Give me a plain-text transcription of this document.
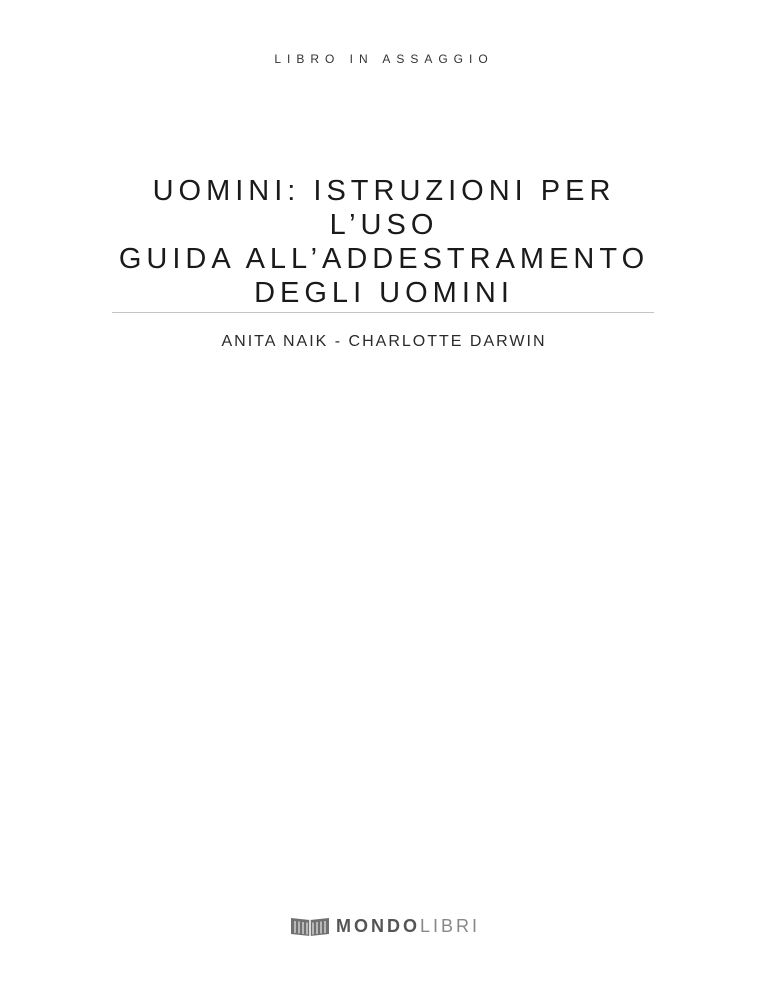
LIBRO IN ASSAGGIO
UOMINI: ISTRUZIONI PER
L’USO
GUIDA ALL’ADDESTRAMENTO
DEGLI UOMINI
ANITA NAIK - CHARLOTTE DARWIN
MONDOLIBRI
